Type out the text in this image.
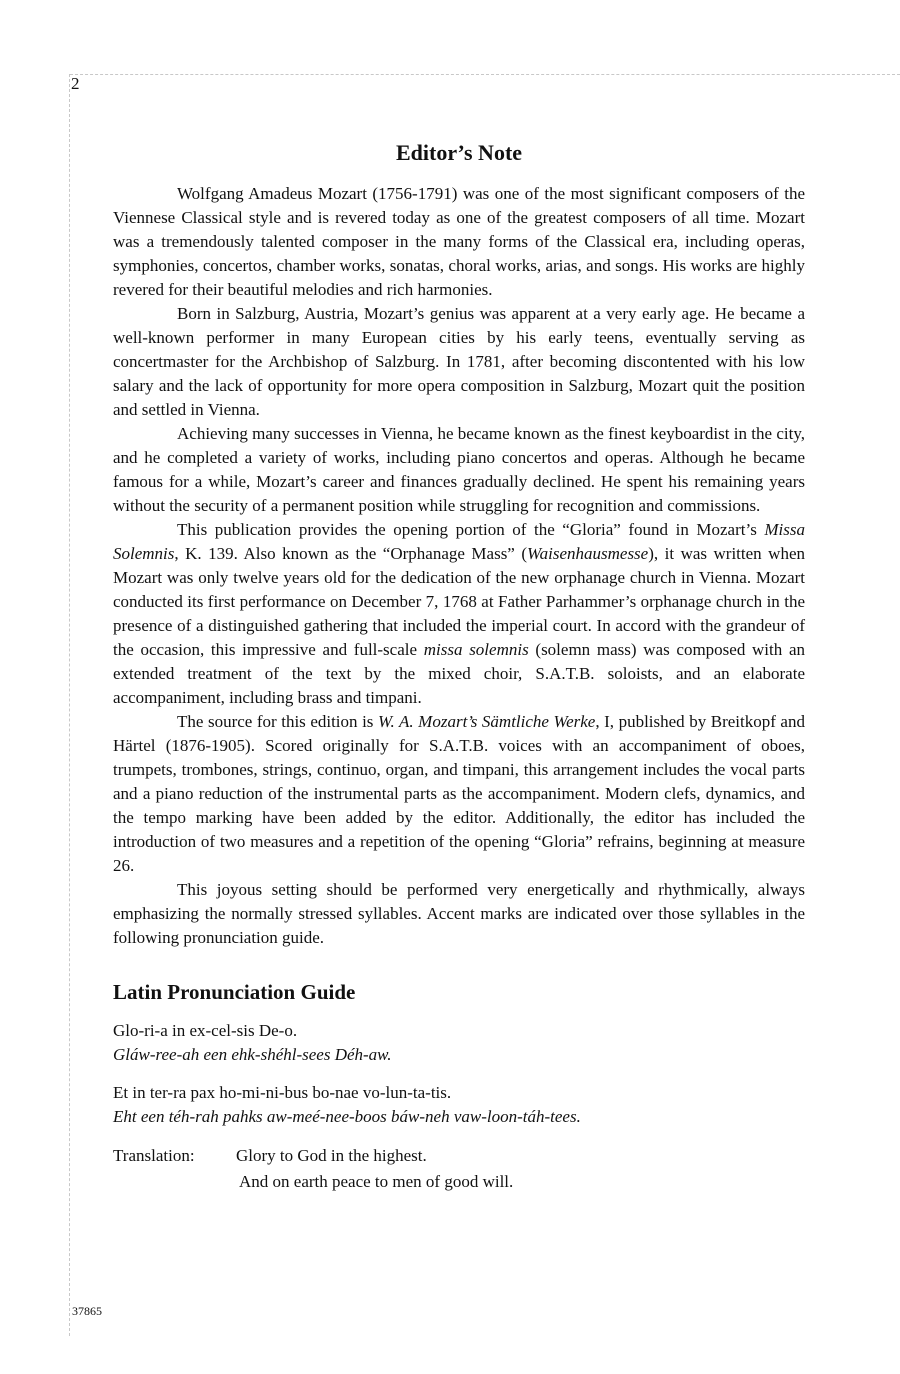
2
Editor’s Note

Wolfgang Amadeus Mozart (1756-1791) was one of the most significant composers of the Viennese Classical style and is revered today as one of the greatest composers of all time. Mozart was a tremendously talented composer in the many forms of the Classical era, including operas, symphonies, concertos, chamber works, sonatas, choral works, arias, and songs. His works are highly revered for their beautiful melodies and rich harmonies.

Born in Salzburg, Austria, Mozart’s genius was apparent at a very early age. He became a well-known performer in many European cities by his early teens, eventually serving as concertmaster for the Archbishop of Salzburg. In 1781, after becoming discontented with his low salary and the lack of opportunity for more opera composition in Salzburg, Mozart quit the position and settled in Vienna.

Achieving many successes in Vienna, he became known as the finest keyboardist in the city, and he completed a variety of works, including piano concertos and operas. Although he became famous for a while, Mozart’s career and finances gradually declined. He spent his remaining years without the security of a permanent position while struggling for recognition and commissions.

This publication provides the opening portion of the “Gloria” found in Mozart’s Missa Solemnis, K. 139. Also known as the “Orphanage Mass” (Waisenhausmesse), it was written when Mozart was only twelve years old for the dedication of the new orphanage church in Vienna. Mozart conducted its first performance on December 7, 1768 at Father Parhammer’s orphanage church in the presence of a distinguished gathering that included the imperial court. In accord with the grandeur of the occasion, this impressive and full-scale missa solemnis (solemn mass) was composed with an extended treatment of the text by the mixed choir, S.A.T.B. soloists, and an elaborate accompaniment, including brass and timpani.

The source for this edition is W. A. Mozart’s Sämtliche Werke, I, published by Breitkopf and Härtel (1876-1905). Scored originally for S.A.T.B. voices with an accompaniment of oboes, trumpets, trombones, strings, continuo, organ, and timpani, this arrangement includes the vocal parts and a piano reduction of the instrumental parts as the accompaniment. Modern clefs, dynamics, and the tempo marking have been added by the editor. Additionally, the editor has included the introduction of two measures and a repetition of the opening “Gloria” refrains, beginning at measure 26.

This joyous setting should be performed very energetically and rhythmically, always emphasizing the normally stressed syllables. Accent marks are indicated over those syllables in the following pronunciation guide.

Latin Pronunciation Guide
Glo-ri-a in ex-cel-sis De-o.
Gláw-ree-ah een ehk-shéhl-sees Déh-aw.
Et in ter-ra pax ho-mi-ni-bus bo-nae vo-lun-ta-tis.
Eht een téh-rah pahks aw-meé-nee-boos báw-neh vaw-loon-táh-tees.
Translation:	Glory to God in the highest.
And on earth peace to men of good will.
37865
